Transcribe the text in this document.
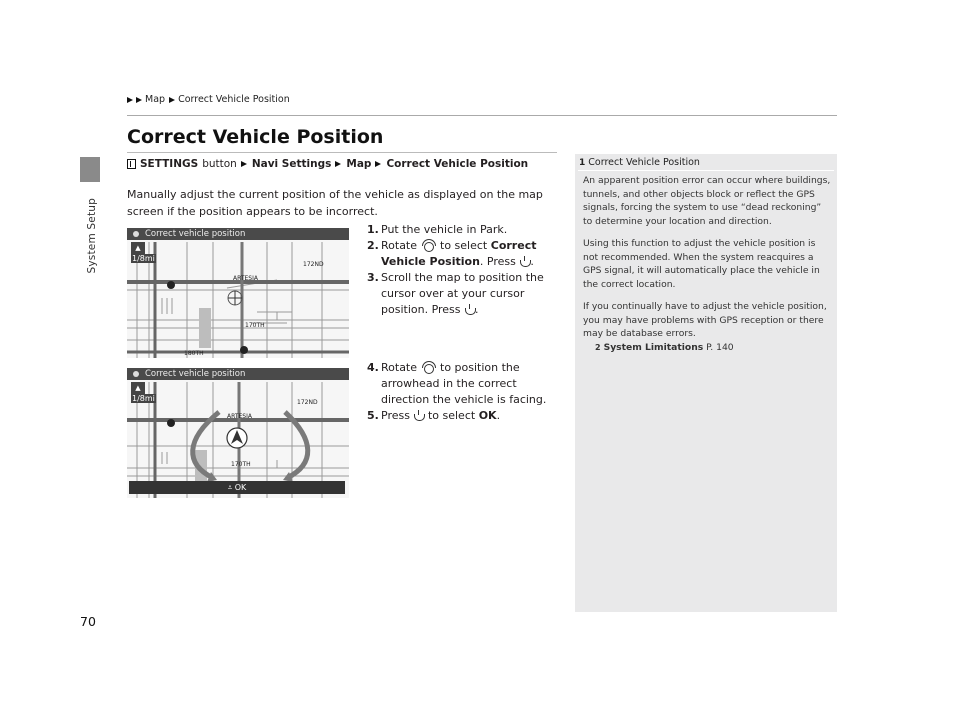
System Setup
Map Correct Vehicle Position
Correct Vehicle Position
SETTINGS button Navi Settings Map Correct Vehicle Position
Manually adjust the current position of the vehicle as displayed on the map screen if the position appears to be incorrect.
1. Put the vehicle in Park.
2. Rotate to select Correct Vehicle Position. Press .
3. Scroll the map to position the cursor over at your cursor position. Press .
4. Rotate to position the arrowhead in the correct direction the vehicle is facing.
5. Press to select OK.
ARTESIA
170TH
180TH
172ND
Correct vehicle position
▲
1/8mi
ARTESIA
170TH
172ND
Correct vehicle position
▲
1/8mi
⩡ OK
1 Correct Vehicle Position

An apparent position error can occur where buildings, tunnels, and other objects block or reflect the GPS signals, forcing the system to use “dead reckoning” to determine your location and direction.

Using this function to adjust the vehicle position is not recommended. When the system reacquires a GPS signal, it will automatically place the vehicle in the correct location.

If you continually have to adjust the vehicle position, you may have problems with GPS reception or there may be database errors.

2 System Limitations P. 140
70
